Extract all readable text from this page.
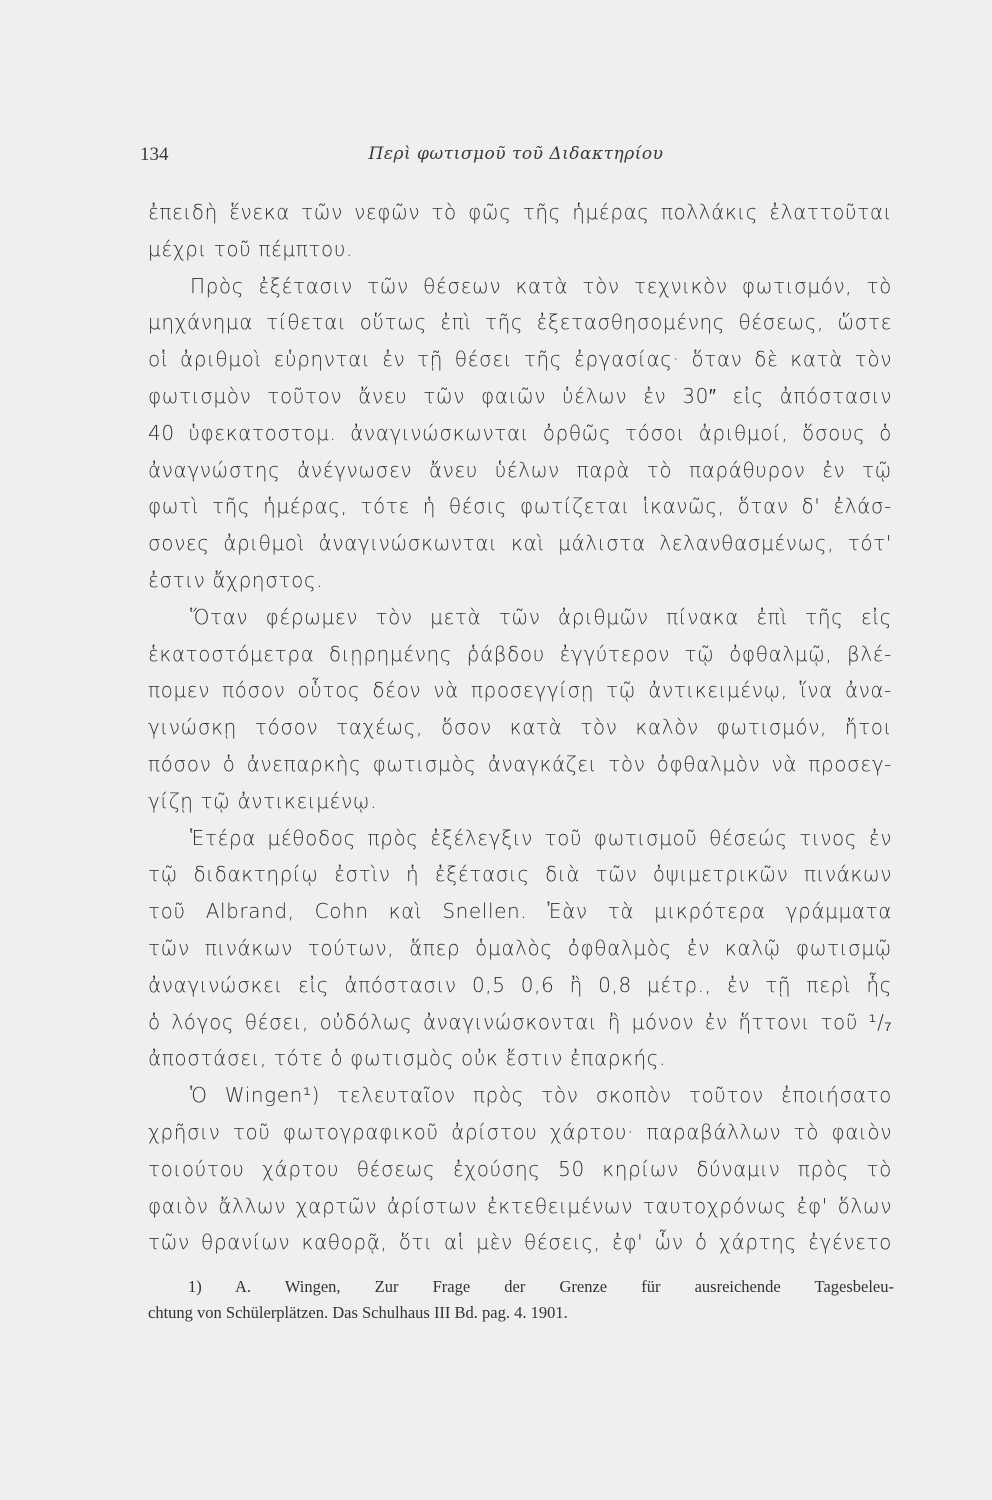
134	Περὶ φωτισμοῦ τοῦ Διδακτηρίου
ἐπειδὴ ἕνεκα τῶν νεφῶν τὸ φῶς τῆς ἡμέρας πολλάκις ἐλαττοῦται
μέχρι τοῦ πέμπτου.
Πρὸς ἐξέτασιν τῶν θέσεων κατὰ τὸν τεχνικὸν φωτισμόν, τὸ
μηχάνημα τίθεται οὕτως ἐπὶ τῆς ἐξετασθησομένης θέσεως, ὥστε
οἱ ἀριθμοὶ εὑρηνται ἐν τῇ θέσει τῆς ἐργασίας· ὅταν δὲ κατὰ τὸν
φωτισμὸν τοῦτον ἄνευ τῶν φαιῶν ὑέλων ἐν 30″ εἰς ἀπόστασιν
40 ὑφεκατοστομ. ἀναγινώσκωνται ὀρθῶς τόσοι ἀριθμοί, ὅσους ὁ
ἀναγνώστης ἀνέγνωσεν ἄνευ ὑέλων παρὰ τὸ παράθυρον ἐν τῷ
φωτὶ τῆς ἡμέρας, τότε ἡ θέσις φωτίζεται ἱκανῶς, ὅταν δ' ἐλάσ-
σονες ἀριθμοὶ ἀναγινώσκωνται καὶ μάλιστα λελανθασμένως, τότ'
ἐστιν ἄχρηστος.
Ὅταν φέρωμεν τὸν μετὰ τῶν ἀριθμῶν πίνακα ἐπὶ τῆς εἰς
ἑκατοστόμετρα διῃρημένης ῥάβδου ἐγγύτερον τῷ ὀφθαλμῷ, βλέ-
πομεν πόσον οὗτος δέον νὰ προσεγγίσῃ τῷ ἀντικειμένῳ, ἵνα ἀνα-
γινώσκῃ τόσον ταχέως, ὅσον κατὰ τὸν καλὸν φωτισμόν, ἤτοι
πόσον ὁ ἀνεπαρκὴς φωτισμὸς ἀναγκάζει τὸν ὀφθαλμὸν νὰ προσεγ-
γίζῃ τῷ ἀντικειμένῳ.
Ἑτέρα μέθοδος πρὸς ἐξέλεγξιν τοῦ φωτισμοῦ θέσεώς τινος ἐν
τῷ διδακτηρίῳ ἐστὶν ἡ ἐξέτασις διὰ τῶν ὀψιμετρικῶν πινάκων
τοῦ Albrand, Cohn καὶ Snellen. Ἐὰν τὰ μικρότερα γράμματα
τῶν πινάκων τούτων, ἅπερ ὁμαλὸς ὀφθαλμὸς ἐν καλῷ φωτισμῷ
ἀναγινώσκει εἰς ἀπόστασιν 0,5 0,6 ἢ 0,8 μέτρ., ἐν τῇ περὶ ἧς
ὁ λόγος θέσει, οὐδόλως ἀναγινώσκονται ἢ μόνον ἐν ἥττονι τοῦ ¹/₇
ἀποστάσει, τότε ὁ φωτισμὸς οὐκ ἔστιν ἐπαρκής.
Ὁ Wingen¹) τελευταῖον πρὸς τὸν σκοπὸν τοῦτον ἐποιήσατο
χρῆσιν τοῦ φωτογραφικοῦ ἀρίστου χάρτου· παραβάλλων τὸ φαιὸν
τοιούτου χάρτου θέσεως ἐχούσης 50 κηρίων δύναμιν πρὸς τὸ
φαιὸν ἄλλων χαρτῶν ἀρίστων ἐκτεθειμένων ταυτοχρόνως ἐφ' ὅλων
τῶν θρανίων καθορᾷ, ὅτι αἱ μὲν θέσεις, ἐφ' ὧν ὁ χάρτης ἐγένετο
1) A. Wingen, Zur Frage der Grenze für ausreichende Tagesbeleu-
chtung von Schülerplätzen. Das Schulhaus III Bd. pag. 4. 1901.
